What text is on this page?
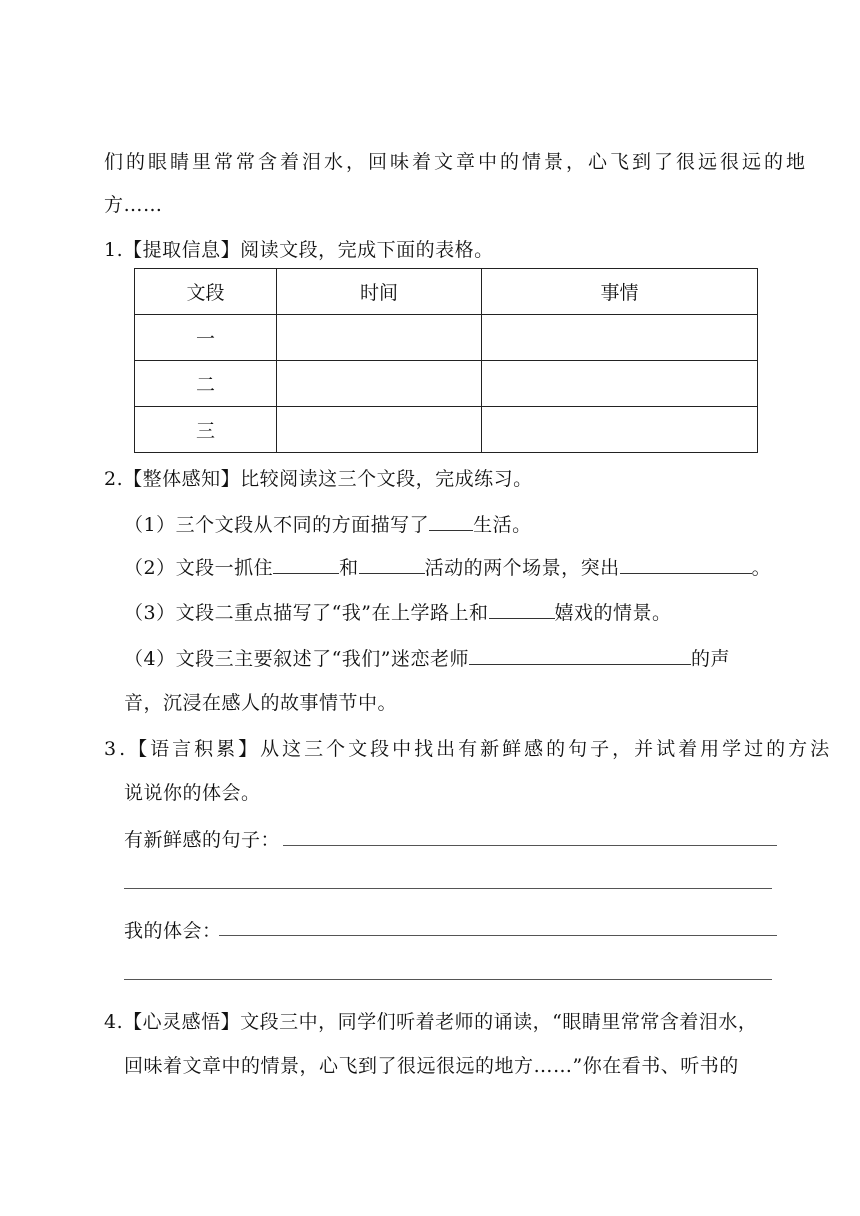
们的眼睛里常常含着泪水，回味着文章中的情景，心飞到了很远很远的地
方……
1.【提取信息】阅读文段，完成下面的表格。
文段	时间	事情
一		
二		
三		
2.【整体感知】比较阅读这三个文段，完成练习。
（1）三个文段从不同的方面描写了 生活。
（2）文段一抓住	和	活动的两个场景，突出	。
（3）文段二重点描写了“我”在上学路上和	嬉戏的情景。
（4）文段三主要叙述了“我们”迷恋老师	的声
音，沉浸在感人的故事情节中。
3.【语言积累】从这三个文段中找出有新鲜感的句子，并试着用学过的方法
说说你的体会。
有新鲜感的句子：
我的体会：
4.【心灵感悟】文段三中，同学们听着老师的诵读，“眼睛里常常含着泪水，
回味着文章中的情景，心飞到了很远很远的地方……”你在看书、听书的
